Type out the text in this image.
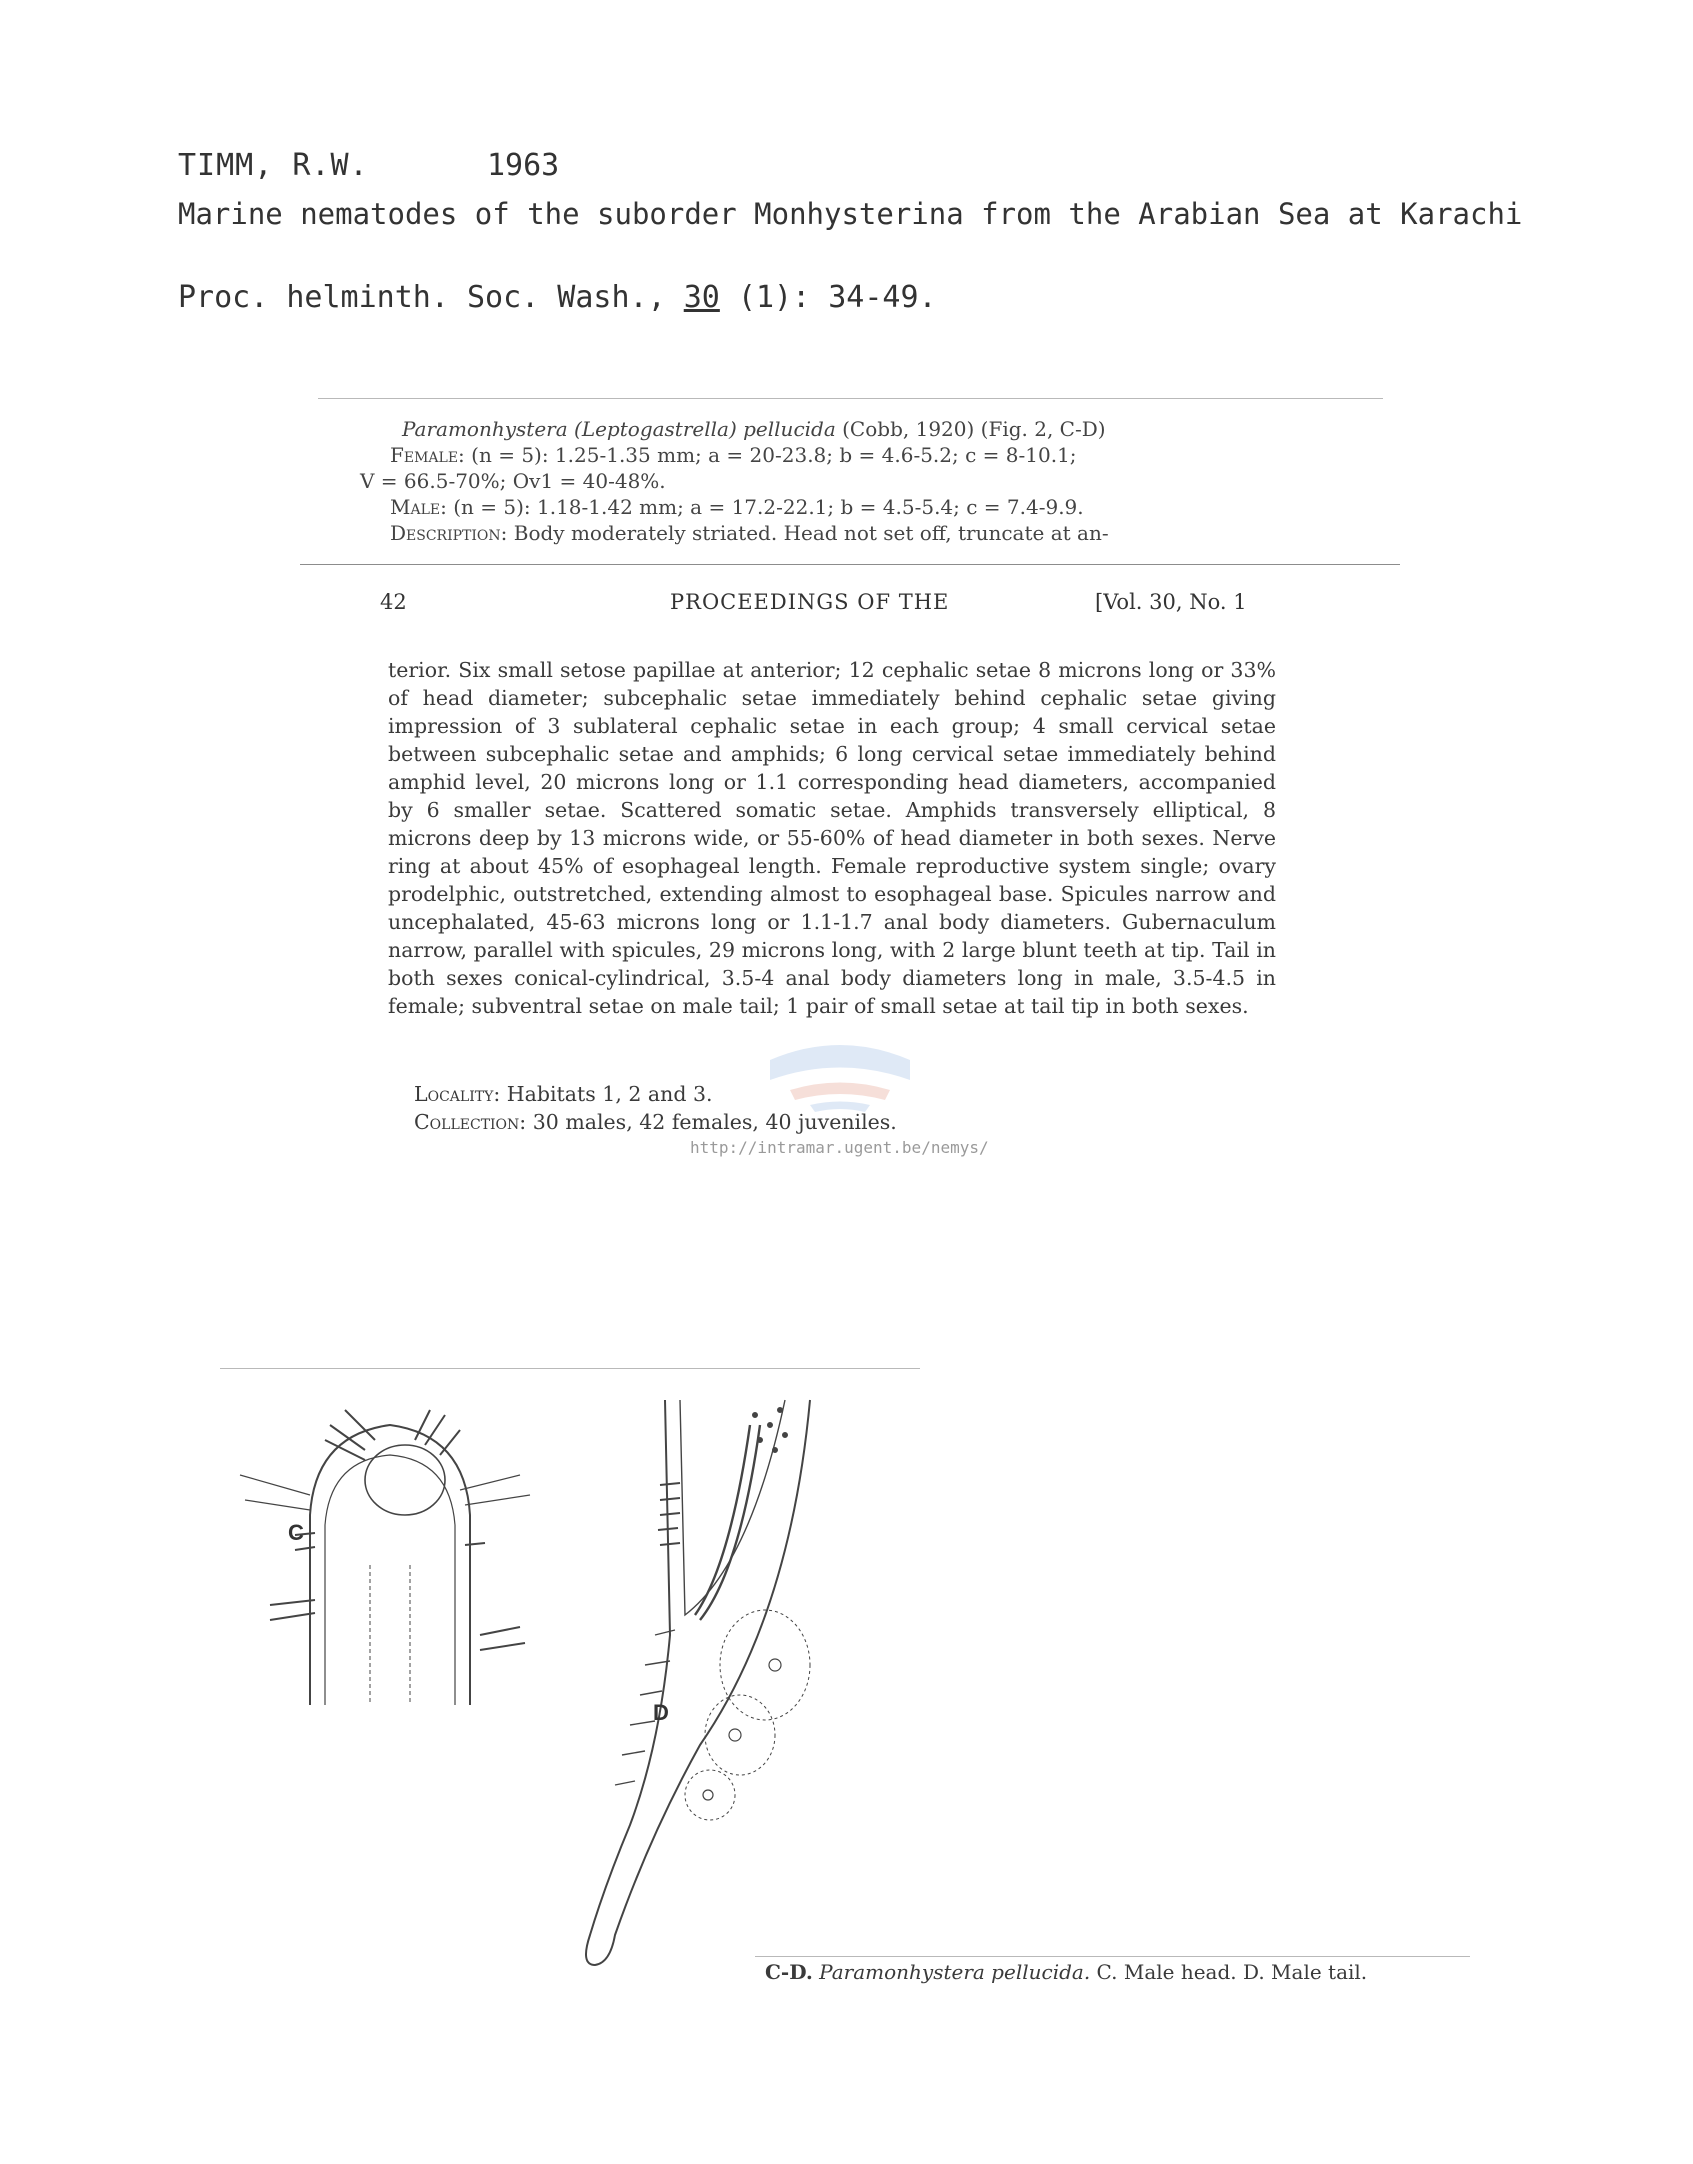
TIMM, R.W.	1963
Marine nematodes of the suborder Monhysterina from the Arabian Sea at Karachi
Proc. helminth. Soc. Wash., 30 (1): 34-49.

Paramonhystera (Leptogastrella) pellucida (Cobb, 1920) (Fig. 2, C-D)

Female: (n = 5): 1.25-1.35 mm; a = 20-23.8; b = 4.6-5.2; c = 8-10.1;

V = 66.5-70%; Ov1 = 40-48%.

Male: (n = 5): 1.18-1.42 mm; a = 17.2-22.1; b = 4.5-5.4; c = 7.4-9.9.

Description: Body moderately striated. Head not set off, truncate at an-

42	PROCEEDINGS OF THE	[Vol. 30, No. 1

terior. Six small setose papillae at anterior; 12 cephalic setae 8 microns long or 33% of head diameter; subcephalic setae immediately behind cephalic setae giving impression of 3 sublateral cephalic setae in each group; 4 small cervical setae between subcephalic setae and amphids; 6 long cervical setae immediately behind amphid level, 20 microns long or 1.1 corresponding head diameters, accompanied by 6 smaller setae. Scattered somatic setae. Amphids transversely elliptical, 8 microns deep by 13 microns wide, or 55-60% of head diameter in both sexes. Nerve ring at about 45% of esophageal length. Female reproductive system single; ovary prodelphic, outstretched, extending almost to esophageal base. Spicules narrow and uncephalated, 45-63 microns long or 1.1-1.7 anal body diameters. Gubernaculum narrow, parallel with spicules, 29 microns long, with 2 large blunt teeth at tip. Tail in both sexes conical-cylindrical, 3.5-4 anal body diameters long in male, 3.5-4.5 in female; subventral setae on male tail; 1 pair of small setae at tail tip in both sexes.

Locality: Habitats 1, 2 and 3.
Collection: 30 males, 42 females, 40 juveniles.
http://intramar.ugent.be/nemys/
C
D
C-D. Paramonhystera pellucida. C. Male head. D. Male tail.
